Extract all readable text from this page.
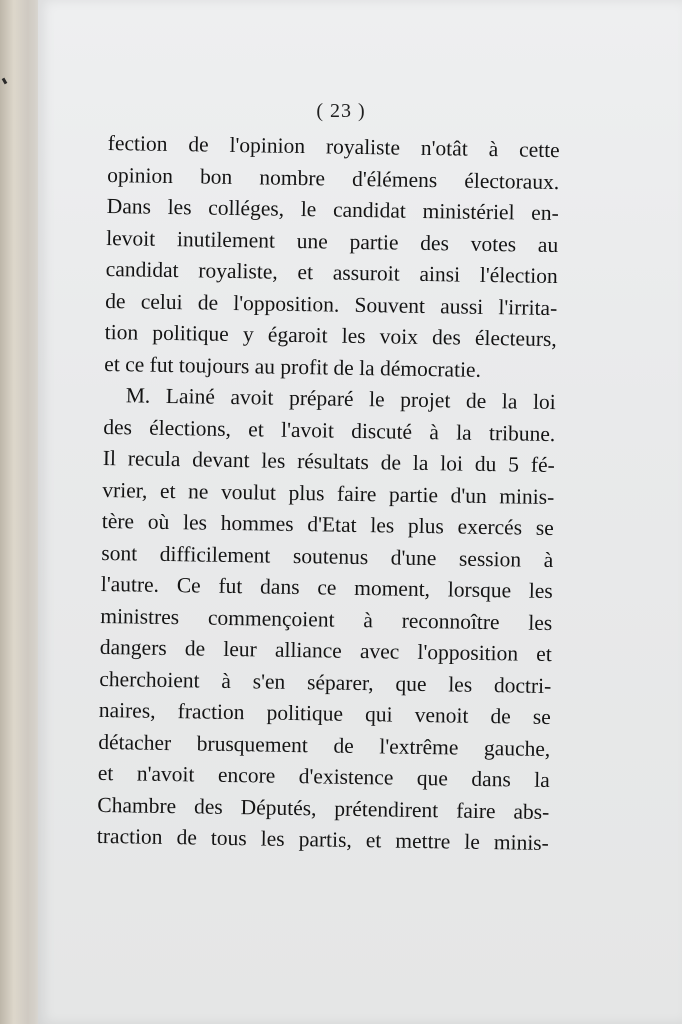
( 23 )
fection de l'opinion royaliste n'otât à cette
opinion bon nombre d'élémens électoraux.
Dans les colléges, le candidat ministériel en-
levoit inutilement une partie des votes au
candidat royaliste, et assuroit ainsi l'élection
de celui de l'opposition. Souvent aussi l'irrita-
tion politique y égaroit les voix des électeurs,
et ce fut toujours au profit de la démocratie.
M. Lainé avoit préparé le projet de la loi
des élections, et l'avoit discuté à la tribune.
Il recula devant les résultats de la loi du 5 fé-
vrier, et ne voulut plus faire partie d'un minis-
tère où les hommes d'Etat les plus exercés se
sont difficilement soutenus d'une session à
l'autre. Ce fut dans ce moment, lorsque les
ministres commençoient à reconnoître les
dangers de leur alliance avec l'opposition et
cherchoient à s'en séparer, que les doctri-
naires, fraction politique qui venoit de se
détacher brusquement de l'extrême gauche,
et n'avoit encore d'existence que dans la
Chambre des Députés, prétendirent faire abs-
traction de tous les partis, et mettre le minis-
